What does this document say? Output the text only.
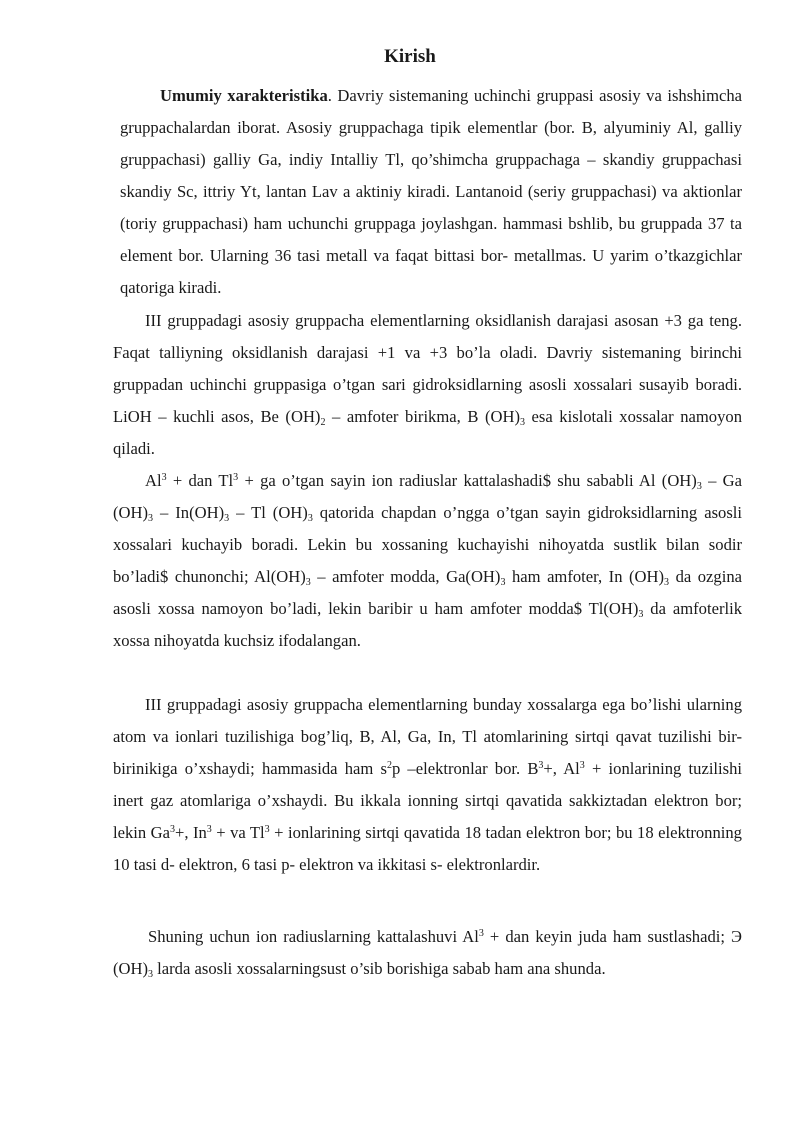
Kirish

Umumiy xarakteristika. Davriy sistemaning uchinchi gruppasi asosiy va ishshimcha gruppachalardan iborat. Asosiy gruppachaga tipik elementlar (bor. B, alyuminiy Al, galliy gruppachasi) galliy Ga, indiy Intalliy Tl, qo’shimcha gruppachaga – skandiy gruppachasi skandiy Sc, ittriy Yt, lantan Lav a aktiniy kiradi. Lantanoid (seriy gruppachasi) va aktionlar (toriy gruppachasi) ham uchunchi gruppaga joylashgan. hammasi bshlib, bu gruppada 37 ta element bor. Ularning 36 tasi metall va faqat bittasi bor- metallmas. U yarim o’tkazgichlar qatoriga kiradi.

III gruppadagi asosiy gruppacha elementlarning oksidlanish darajasi asosan +3 ga teng. Faqat talliyning oksidlanish darajasi +1 va +3 bo’la oladi. Davriy sistemaning birinchi gruppadan uchinchi gruppasiga o’tgan sari gidroksidlarning asosli xossalari susayib boradi. LiOH – kuchli asos, Be $(OH)_2$ – amfoter birikma, B $(OH)_3$ esa kislotali xossalar namoyon qiladi.

$Al^3$ + dan $Tl^3$ + ga o’tgan sayin ion radiuslar kattalashadi$ shu sababli Al $(OH)_3$ – Ga $(OH)_3 - In(OH)_3$ – Tl $(OH)_3$ qatorida chapdan o’ngga o’tgan sayin gidroksidlarning asosli xossalari kuchayib boradi. Lekin bu xossaning kuchayishi nihoyatda sustlik bilan sodir bo’ladi$ chunonchi; $Al(OH)_3$ – amfoter modda, $Ga(OH)_3$ ham amfoter, In $(OH)_3$ da ozgina asosli xossa namoyon bo’ladi, lekin baribir u ham amfoter modda$ $Tl(OH)_3$ da amfoterlik xossa nihoyatda kuchsiz ifodalangan.

III gruppadagi asosiy gruppacha elementlarning bunday xossalarga ega bo’lishi ularning atom va ionlari tuzilishiga bog’liq, B, Al, Ga, In, Tl atomlarining sirtqi qavat tuzilishi bir- birinikiga o’xshaydi; hammasida ham $s^2p$ –elektronlar bor. $B^3+$, $Al^3$ + ionlarining tuzilishi inert gaz atomlariga o’xshaydi. Bu ikkala ionning sirtqi qavatida sakkiztadan elektron bor; lekin $Ga^3+$, $In^3$ + va $Tl^3$ + ionlarining sirtqi qavatida 18 tadan elektron bor; bu 18 elektronning 10 tasi d- elektron, 6 tasi p- elektron va ikkitasi s- elektronlardir.

Shuning uchun ion radiuslarning kattalashuvi $Al^3$ + dan keyin juda ham sustlashadi; Э $(OH)_3$ larda asosli xossalarningsust o’sib borishiga sabab ham ana shunda.
